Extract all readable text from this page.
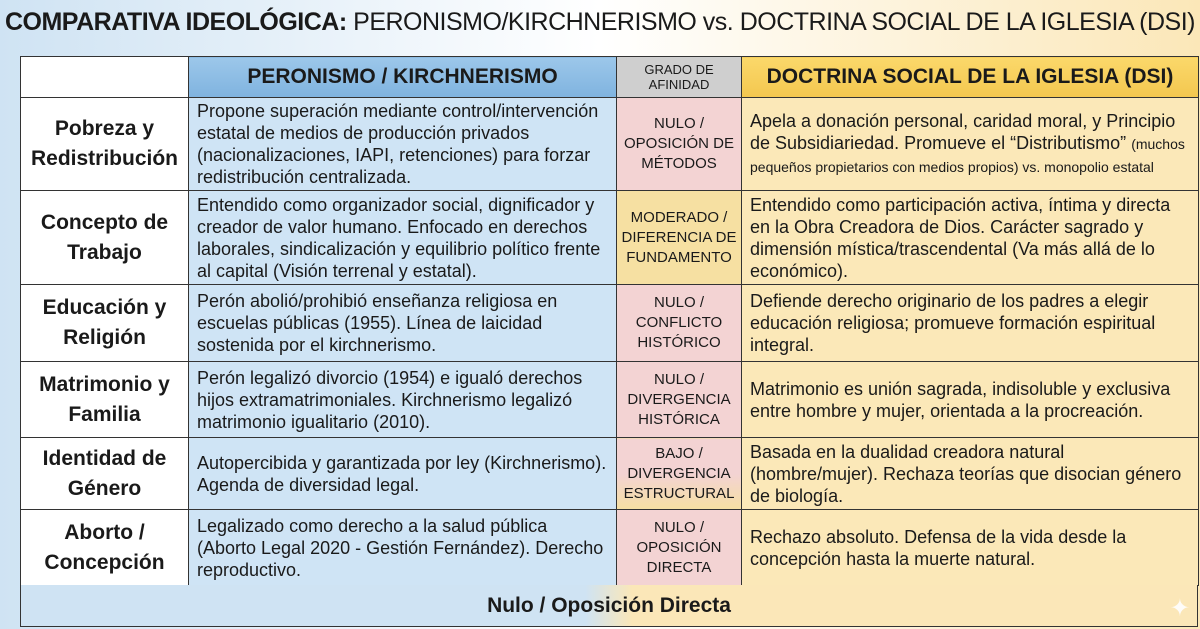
COMPARATIVA IDEOLÓGICA: PERONISMO/KIRCHNERISMO vs. DOCTRINA SOCIAL DE LA IGLESIA (DSI)
	PERONISMO / KIRCHNERISMO	GRADO DE AFINIDAD	DOCTRINA SOCIAL DE LA IGLESIA (DSI)
Pobreza y Redistribución	Propone superación mediante control/intervención estatal de medios de producción privados (nacionalizaciones, IAPI, retenciones) para forzar redistribución centralizada.	NULO / OPOSICIÓN DE MÉTODOS	Apela a donación personal, caridad moral, y Principio de Subsidiariedad. Promueve el “Distributismo” (muchos pequeños propietarios con medios propios) vs. monopolio estatal
Concepto de Trabajo	Entendido como organizador social, dignificador y creador de valor humano. Enfocado en derechos laborales, sindicalización y equilibrio político frente al capital (Visión terrenal y estatal).	MODERADO / DIFERENCIA DE FUNDAMENTO	Entendido como participación activa, íntima y directa en la Obra Creadora de Dios. Carácter sagrado y dimensión mística/trascendental (Va más allá de lo económico).
Educación y Religión	Perón abolió/prohibió enseñanza religiosa en escuelas públicas (1955). Línea de laicidad sostenida por el kirchnerismo.	NULO / CONFLICTO HISTÓRICO	Defiende derecho originario de los padres a elegir educación religiosa; promueve formación espiritual integral.
Matrimonio y Familia	Perón legalizó divorcio (1954) e igualó derechos hijos extramatrimoniales. Kirchnerismo legalizó matrimonio igualitario (2010).	NULO / DIVERGENCIA HISTÓRICA	Matrimonio es unión sagrada, indisoluble y exclusiva entre hombre y mujer, orientada a la procreación.
Identidad de Género	Autopercibida y garantizada por ley (Kirchnerismo). Agenda de diversidad legal.	BAJO / DIVERGENCIA ESTRUCTURAL	Basada en la dualidad creadora natural (hombre/mujer). Rechaza teorías que disocian género de biología.
Aborto / Concepción	Legalizado como derecho a la salud pública (Aborto Legal 2020 - Gestión Fernández). Derecho reproductivo.	NULO / OPOSICIÓN DIRECTA	Rechazo absoluto. Defensa de la vida desde la concepción hasta la muerte natural.
Nulo / Oposición Directa	✦
